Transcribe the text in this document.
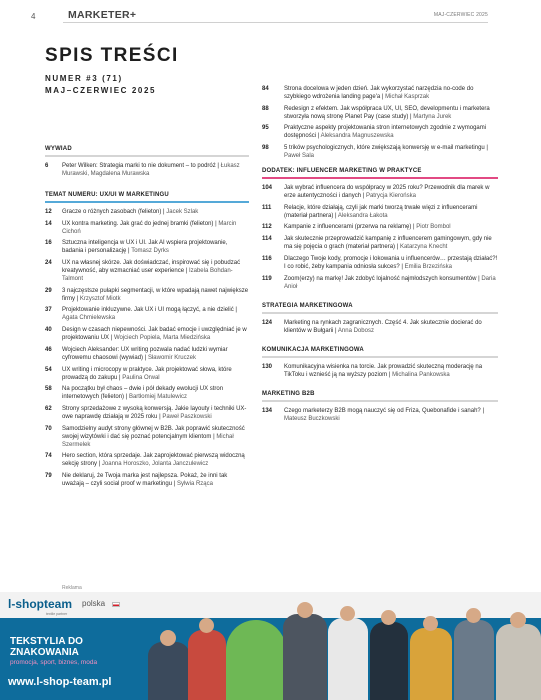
4	MARKETER+	MAJ-CZERWIEC 2025
SPIS TREŚCI
NUMER #3 (71)
MAJ–CZERWIEC 2025
WYWIAD
6	Peter Wilken: Strategia marki to nie dokument – to podróż | Łukasz Murawski, Magdalena Murawska
TEMAT NUMERU: UX/UI W MARKETINGU
12	Gracze o różnych zasobach (felieton) | Jacek Szlak
14	UX kontra marketing. Jak grać do jednej bramki (felieton) | Marcin Cichoń
16	Sztuczna inteligencja w UX i UI. Jak AI wspiera projektowanie, badania i personalizację | Tomasz Dyrks
24	UX na własnej skórze. Jak doświadczać, inspirować się i pobudzać kreatywność, aby wzmacniać user experience | Izabela Bohdan-Talmont
29	3 najczęstsze pułapki segmentacji, w które wpadają nawet największe firmy | Krzysztof Miotk
37	Projektowanie inkluzywne. Jak UX i UI mogą łączyć, a nie dzielić | Agata Chmielewska
40	Design w czasach niepewności. Jak badać emocje i uwzględniać je w projektowaniu UX | Wojciech Popiela, Marta Miedzińska
46	Wojciech Aleksander: UX writing pozwala nadać ludzki wymiar cyfrowemu chaosowi (wywiad) | Sławomir Kruczek
54	UX writing i microcopy w praktyce. Jak projektować słowa, które prowadzą do zakupu | Paulina Orwal
58	Na początku był chaos – dwie i pół dekady ewolucji UX stron internetowych (felieton) | Bartłomiej Matulewicz
62	Strony sprzedażowe z wysoką konwersją. Jakie layouty i techniki UX-owe naprawdę działają w 2025 roku | Paweł Paszkowski
70	Samodzielny audyt strony głównej w B2B. Jak poprawić skuteczność swojej wizytówki i dać się poznać potencjalnym klientom | Michał Szermelek
74	Hero section, która sprzedaje. Jak zaprojektować pierwszą widoczną sekcję strony | Joanna Horoszko, Jolanta Janczulewicz
79	Nie deklaruj, że Twoja marka jest najlepsza. Pokaż, że inni tak uważają – czyli social proof w marketingu | Sylwia Rząca
84	Strona docelowa w jeden dzień. Jak wykorzystać narzędzia no-code do szybkiego wdrożenia landing page'a | Michał Kasprzak
88	Redesign z efektem. Jak współpraca UX, UI, SEO, developmentu i marketera stworzyła nową stronę Planet Pay (case study) | Martyna Jurek
95	Praktyczne aspekty projektowania stron internetowych zgodnie z wymogami dostępności | Aleksandra Magnuszewska
98	5 trików psychologicznych, które zwiększają konwersję w e-mail marketingu | Paweł Sala
DODATEK: INFLUENCER MARKETING W PRAKTYCE
104	Jak wybrać influencera do współpracy w 2025 roku? Przewodnik dla marek w erze autentyczności i danych | Patrycja Kierońska
111	Relacje, które działają, czyli jak marki tworzą trwałe więzi z influencerami (materiał partnera) | Aleksandra Łakota
112	Kampanie z influencerami (przerwa na reklamę) | Piotr Bombol
114	Jak skutecznie przeprowadzić kampanię z influencerem gamingowym, gdy nie ma się pojęcia o grach (materiał partnera) | Katarzyna Knecht
116	Dlaczego Twoje kody, promocje i lokowania u influencerów… przestają działać?! I co robić, żeby kampania odniosła sukces? | Emilia Brzezińska
119	Zoom(erzy) na markę! Jak zdobyć lojalność najmłodszych konsumentów | Daria Anioł
STRATEGIA MARKETINGOWA
124	Marketing na rynkach zagranicznych. Część 4. Jak skutecznie docierać do klientów w Bułgarii | Anna Dobosz
KOMUNIKACJA MARKETINGOWA
130	Komunikacyjna wisienka na torcie. Jak prowadzić skuteczną moderację na TikToku i wznieść ją na wyższy poziom | Michalina Pankowska
MARKETING B2B
134	Czego marketerzy B2B mogą nauczyć się od Friza, Quebonafide i sanah? | Mateusz Buczkowski
Reklama
l-shopteam polska
textile partner
TEKSTYLIA DO ZNAKOWANIA
promocja, sport, biznes, moda
www.l-shop-team.pl
